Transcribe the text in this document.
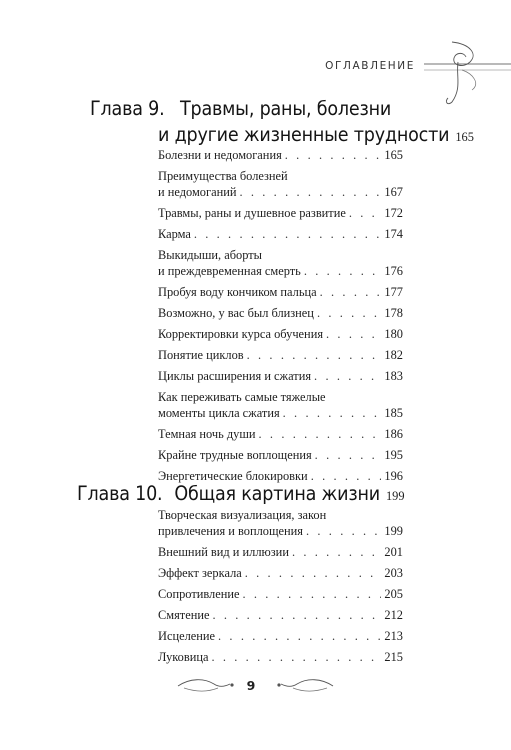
ОГЛАВЛЕНИЕ
Глава 9. Травмы, раны, болезни
и другие жизненные трудности 165
Болезни и недомогания . . .	165
Преимущества болезней
и недомоганий . . .	167
Травмы, раны и душевное развитие . . .	172
Карма . . .	174
Выкидыши, аборты
и преждевременная смерть . . .	176
Пробуя воду кончиком пальца . . .	177
Возможно, у вас был близнец . . .	178
Корректировки курса обучения . . .	180
Понятие циклов . . .	182
Циклы расширения и сжатия . . .	183
Как переживать самые тяжелые
моменты цикла сжатия . . .	185
Темная ночь души . . .	186
Крайне трудные воплощения . . .	195
Энергетические блокировки . . .	196
Глава 10. Общая картина жизни 199
Творческая визуализация, закон
привлечения и воплощения . . .	199
Внешний вид и иллюзии . . .	201
Эффект зеркала . . .	203
Сопротивление . . .	205
Смятение . . .	212
Исцеление . . .	213
Луковица . . .	215
9
